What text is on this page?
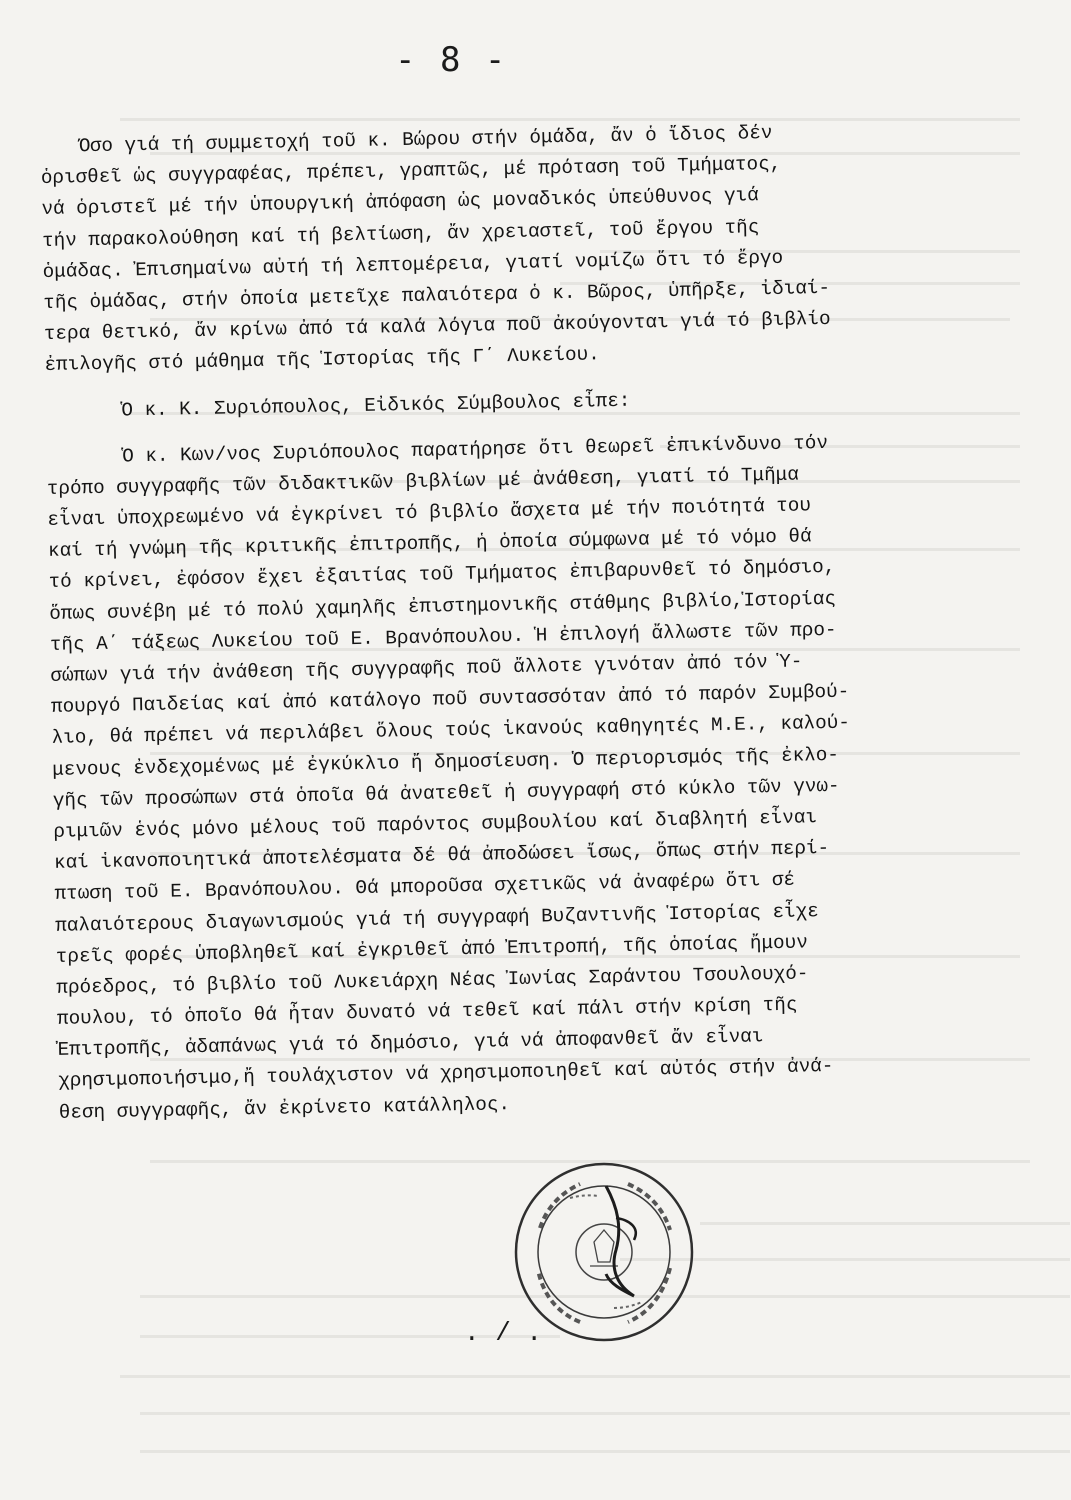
- 8 -
Όσο γιά τή συμμετοχή τοῦ κ. Βώρου στήν όμάδα, ἄν ὁ ἴδιος δέν
ὁρισθεῖ ὡς συγγραφέας, πρέπει, γραπτῶς, μέ πρόταση τοῦ Τμήματος,
νά ὁριστεῖ μέ τήν ὑπουργική ἀπόφαση ὡς μοναδικός ὑπεύθυνος γιά
τήν παρακολούθηση καί τή βελτίωση, ἄν χρειαστεῖ, τοῦ ἔργου τῆς
ὁμάδας. Ἐπισημαίνω αὐτή τή λεπτομέρεια, γιατί νομίζω ὅτι τό ἔργο
τῆς ὁμάδας, στήν ὁποία μετεῖχε παλαιότερα ὁ κ. Βῶρος, ὑπῆρξε, ἰδιαί-
τερα θετικό, ἄν κρίνω ἀπό τά καλά λόγια ποῦ ἀκούγονται γιά τό βιβλίο
ἐπιλογῆς στό μάθημα τῆς Ἱστορίας τῆς Γ΄ Λυκείου.
Ὁ κ. Κ. Συριόπουλος, Εἰδικός Σύμβουλος εἶπε:
Ὁ κ. Κων/νος Συριόπουλος παρατήρησε ὅτι θεωρεῖ ἐπικίνδυνο τόν
τρόπο συγγραφῆς τῶν διδακτικῶν βιβλίων μέ ἀνάθεση, γιατί τό Τμῆμα
εἶναι ὑποχρεωμένο νά ἐγκρίνει τό βιβλίο ἄσχετα μέ τήν ποιότητά του
καί τή γνώμη τῆς κριτικῆς ἐπιτροπῆς, ἡ ὁποία σύμφωνα μέ τό νόμο θά
τό κρίνει, ἐφόσον ἔχει ἐξαιτίας τοῦ Τμήματος ἐπιβαρυνθεῖ τό δημόσιο,
ὅπως συνέβη μέ τό πολύ χαμηλῆς ἐπιστημονικῆς στάθμης βιβλίο,Ἱστορίας
τῆς Α΄ τάξεως Λυκείου τοῦ Ε. Βρανόπουλου. Ἡ ἐπιλογή ἄλλωστε τῶν προ-
σώπων γιά τήν ἀνάθεση τῆς συγγραφῆς ποῦ ἄλλοτε γινόταν ἀπό τόν Ὑ-
πουργό Παιδείας καί ἀπό κατάλογο ποῦ συντασσόταν ἀπό τό παρόν Συμβού-
λιο, θά πρέπει νά περιλάβει ὅλους τούς ἱκανούς καθηγητές Μ.Ε., καλού-
μενους ἐνδεχομένως μέ ἐγκύκλιο ἤ δημοσίευση. Ὁ περιορισμός τῆς ἐκλο-
γῆς τῶν προσώπων στά ὁποῖα θά ἀνατεθεῖ ἡ συγγραφή στό κύκλο τῶν γνω-
ριμιῶν ἑνός μόνο μέλους τοῦ παρόντος συμβουλίου καί διαβλητή εἶναι
καί ἱκανοποιητικά ἀποτελέσματα δέ θά ἀποδώσει ἴσως, ὅπως στήν περί-
πτωση τοῦ Ε. Βρανόπουλου. Θά μποροῦσα σχετικῶς νά ἀναφέρω ὅτι σέ
παλαιότερους διαγωνισμούς γιά τή συγγραφή Βυζαντινῆς Ἱστορίας εἶχε
τρεῖς φορές ὑποβληθεῖ καί ἐγκριθεῖ ἀπό Ἐπιτροπή, τῆς ὁποίας ἤμουν
πρόεδρος, τό βιβλίο τοῦ Λυκειάρχη Νέας Ἰωνίας Σαράντου Τσουλουχό-
πουλου, τό ὁποῖο θά ἦταν δυνατό νά τεθεῖ καί πάλι στήν κρίση τῆς
Ἐπιτροπῆς, ἀδαπάνως γιά τό δημόσιο, γιά νά ἀποφανθεῖ ἄν εἶναι
χρησιμοποιήσιμο,ἤ τουλάχιστον νά χρησιμοποιηθεῖ καί αὐτός στήν ἀνά-
θεση συγγραφῆς, ἄν ἐκρίνετο κατάλληλος.
. / .
